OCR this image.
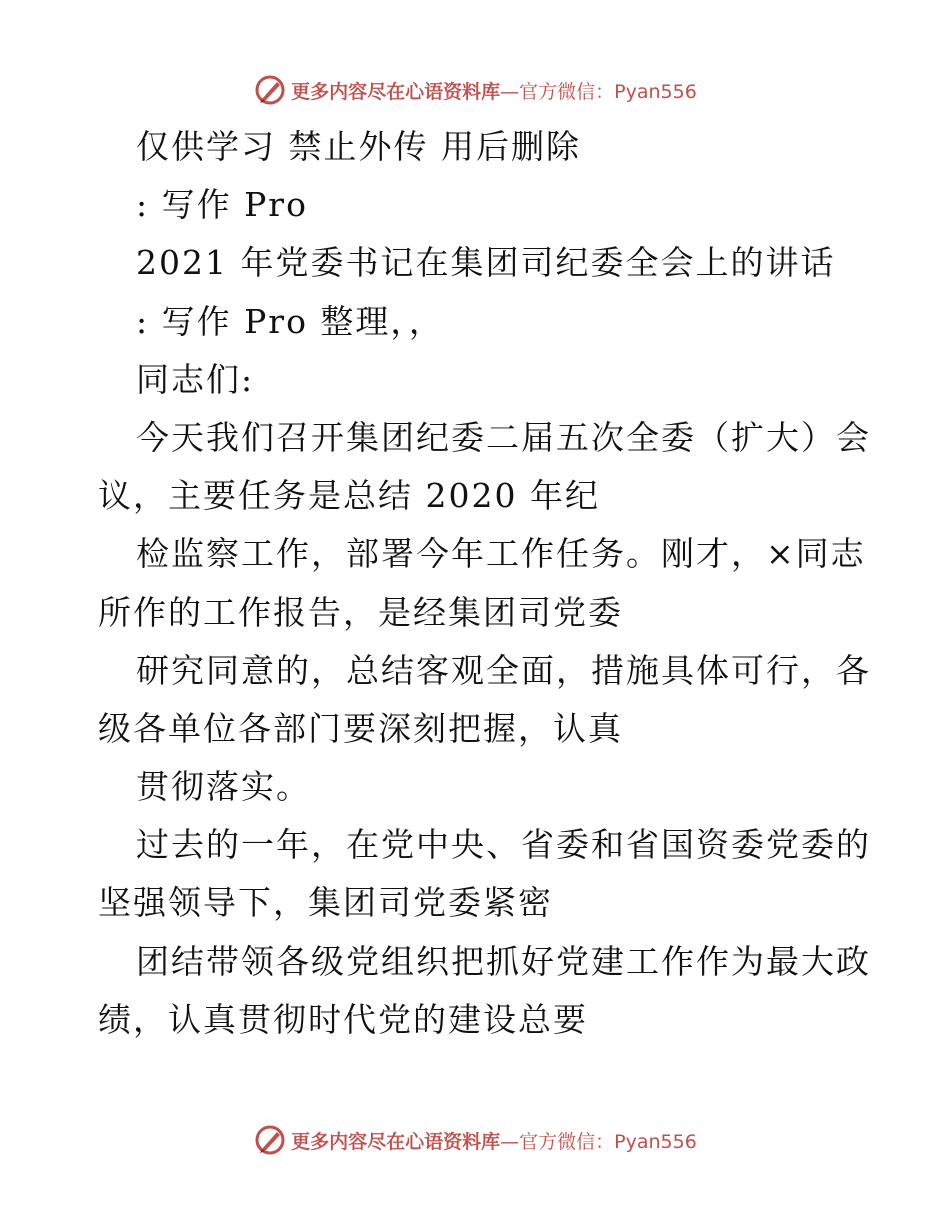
更多内容尽在心语资料库—官方微信：Pyan556
仅供学习 禁止外传 用后删除
: 写作 Pro
2021 年党委书记在集团司纪委全会上的讲话
: 写作 Pro 整理，，
同志们:
今天我们召开集团纪委二届五次全委（扩大）会
议，主要任务是总结 2020 年纪
检监察工作，部署今年工作任务。刚才，×同志
所作的工作报告，是经集团司党委
研究同意的，总结客观全面，措施具体可行，各
级各单位各部门要深刻把握，认真
贯彻落实。
过去的一年，在党中央、省委和省国资委党委的
坚强领导下，集团司党委紧密
团结带领各级党组织把抓好党建工作作为最大政
绩，认真贯彻时代党的建设总要
更多内容尽在心语资料库—官方微信：Pyan556
